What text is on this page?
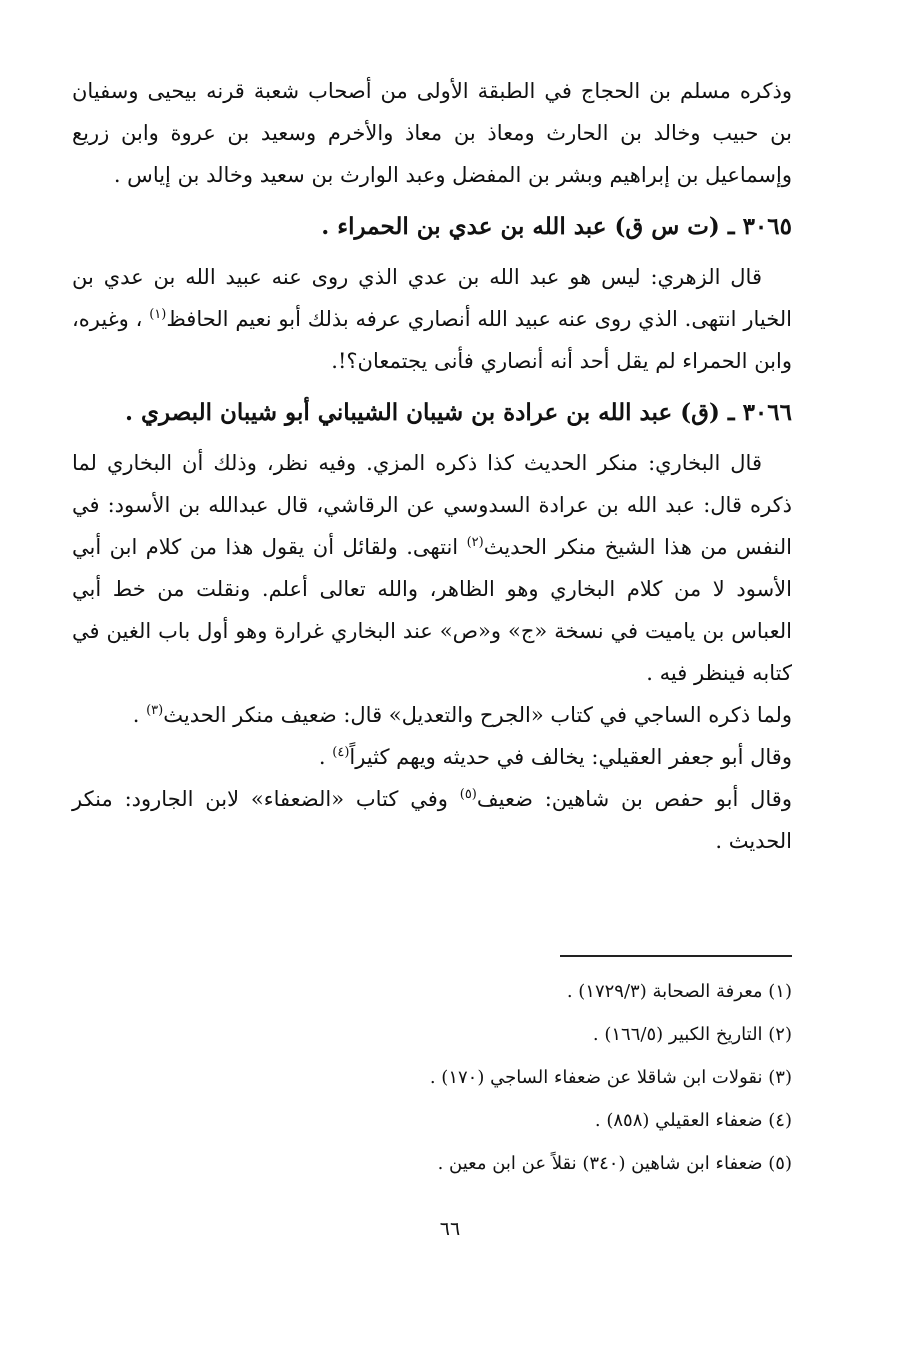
وذكره مسلم بن الحجاج في الطبقة الأولى من أصحاب شعبة قرنه بيحيى وسفيان بن حبيب وخالد بن الحارث ومعاذ بن معاذ والأخرم وسعيد بن عروة وابن زريع وإسماعيل بن إبراهيم وبشر بن المفضل وعبد الوارث بن سعيد وخالد بن إياس .

٣٠٦٥ ـ (ت س ق) عبد الله بن عدي بن الحمراء .

قال الزهري: ليس هو عبد الله بن عدي الذي روى عنه عبيد الله بن عدي بن الخيار انتهى. الذي روى عنه عبيد الله أنصاري عرفه بذلك أبو نعيم الحافظ$^{(١)}$ ، وغيره، وابن الحمراء لم يقل أحد أنه أنصاري فأنى يجتمعان؟!.

٣٠٦٦ ـ (ق) عبد الله بن عرادة بن شيبان الشيباني أبو شيبان البصري .

قال البخاري: منكر الحديث كذا ذكره المزي. وفيه نظر، وذلك أن البخاري لما ذكره قال: عبد الله بن عرادة السدوسي عن الرقاشي، قال عبدالله بن الأسود: في النفس من هذا الشيخ منكر الحديث$^{(٢)}$ انتهى. ولقائل أن يقول هذا من كلام ابن أبي الأسود لا من كلام البخاري وهو الظاهر، والله تعالى أعلم. ونقلت من خط أبي العباس بن ياميت في نسخة «ج» و«ص» عند البخاري غرارة وهو أول باب الغين في كتابه فينظر فيه .

ولما ذكره الساجي في كتاب «الجرح والتعديل» قال: ضعيف منكر الحديث$^{(٣)}$ .

وقال أبو جعفر العقيلي: يخالف في حديثه ويهم كثيراً$^{(٤)}$ .

وقال أبو حفص بن شاهين: ضعيف$^{(٥)}$ وفي كتاب «الضعفاء» لابن الجارود: منكر الحديث .

(١) معرفة الصحابة (١٧٢٩/٣) .
(٢) التاريخ الكبير (١٦٦/٥) .
(٣) نقولات ابن شاقلا عن ضعفاء الساجي (١٧٠) .
(٤) ضعفاء العقيلي (٨٥٨) .
(٥) ضعفاء ابن شاهين (٣٤٠) نقلاً عن ابن معين .
٦٦
